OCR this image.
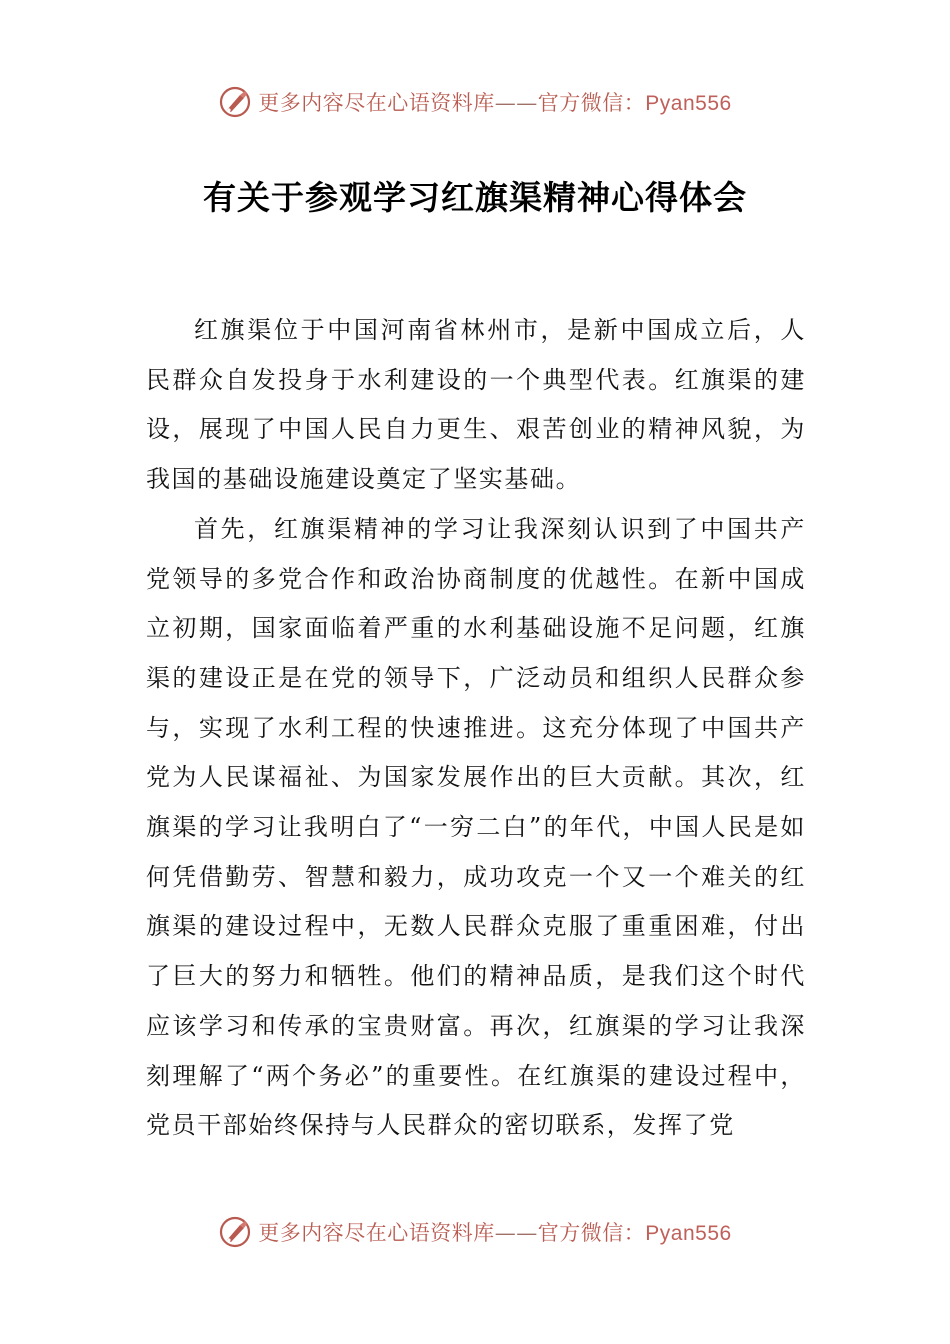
更多内容尽在心语资料库——官方微信：Pyan556
有关于参观学习红旗渠精神心得体会

红旗渠位于中国河南省林州市，是新中国成立后，人民群众自发投身于水利建设的一个典型代表。红旗渠的建设，展现了中国人民自力更生、艰苦创业的精神风貌，为我国的基础设施建设奠定了坚实基础。

首先，红旗渠精神的学习让我深刻认识到了中国共产党领导的多党合作和政治协商制度的优越性。在新中国成立初期，国家面临着严重的水利基础设施不足问题，红旗渠的建设正是在党的领导下，广泛动员和组织人民群众参与，实现了水利工程的快速推进。这充分体现了中国共产党为人民谋福祉、为国家发展作出的巨大贡献。其次，红旗渠的学习让我明白了“一穷二白”的年代，中国人民是如何凭借勤劳、智慧和毅力，成功攻克一个又一个难关的红旗渠的建设过程中，无数人民群众克服了重重困难，付出了巨大的努力和牺牲。他们的精神品质，是我们这个时代应该学习和传承的宝贵财富。再次，红旗渠的学习让我深刻理解了“两个务必”的重要性。在红旗渠的建设过程中，党员干部始终保持与人民群众的密切联系，发挥了党

更多内容尽在心语资料库——官方微信：Pyan556
